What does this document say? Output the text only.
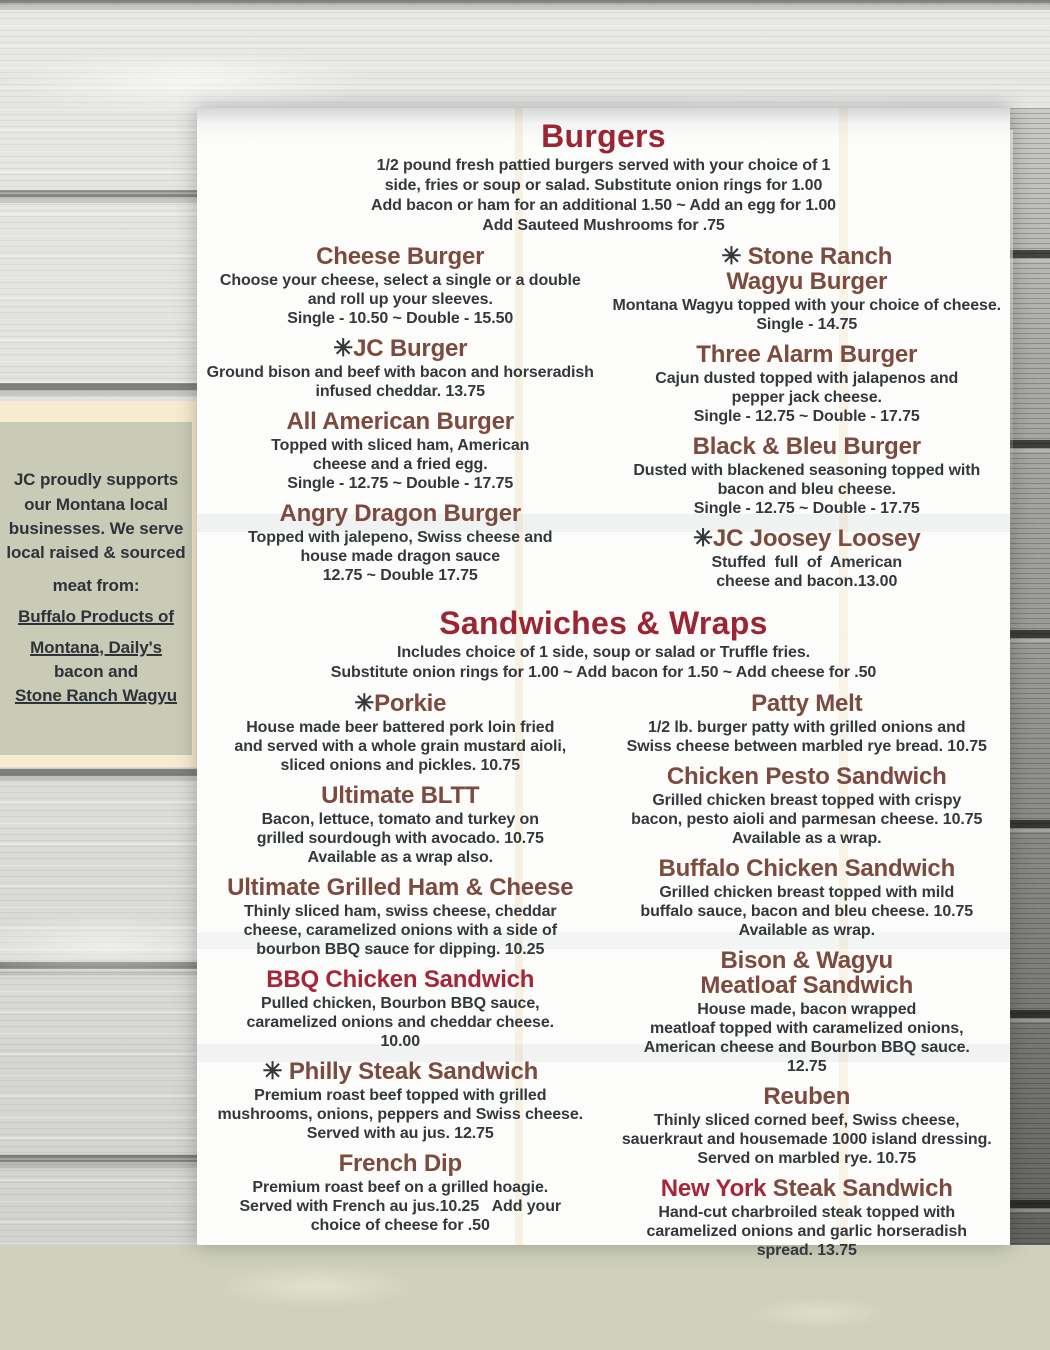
JC proudly supports
our Montana local
businesses. We serve
local raised & sourced
meat from:
Buffalo Products of
Montana, Daily's
bacon and
Stone Ranch Wagyu
Burgers
1/2 pound fresh pattied burgers served with your choice of 1
side, fries or soup or salad. Substitute onion rings for 1.00
Add bacon or ham for an additional 1.50 ~ Add an egg for 1.00
Add Sauteed Mushrooms for .75
Cheese Burger
Choose your cheese, select a single or a double
and roll up your sleeves.
Single - 10.50 ~ Double - 15.50
✳JC Burger
Ground bison and beef with bacon and horseradish
infused cheddar. 13.75
All American Burger
Topped with sliced ham, American
cheese and a fried egg.
Single - 12.75 ~ Double - 17.75
Angry Dragon Burger
Topped with jalepeno, Swiss cheese and
house made dragon sauce
12.75 ~ Double 17.75
✳ Stone Ranch
Wagyu Burger
Montana Wagyu topped with your choice of cheese.
Single - 14.75
Three Alarm Burger
Cajun dusted topped with jalapenos and
pepper jack cheese.
Single - 12.75 ~ Double - 17.75
Black & Bleu Burger
Dusted with blackened seasoning topped with
bacon and bleu cheese.
Single - 12.75 ~ Double - 17.75
✳JC Joosey Loosey
Stuffed  full  of  American
cheese and bacon.13.00
Sandwiches & Wraps
Includes choice of 1 side, soup or salad or Truffle fries.
Substitute onion rings for 1.00 ~ Add bacon for 1.50 ~ Add cheese for .50
✳Porkie
House made beer battered pork loin fried
and served with a whole grain mustard aioli,
sliced onions and pickles. 10.75
Ultimate BLTT
Bacon, lettuce, tomato and turkey on
grilled sourdough with avocado. 10.75
Available as a wrap also.
Ultimate Grilled Ham & Cheese
Thinly sliced ham, swiss cheese, cheddar
cheese, caramelized onions with a side of
bourbon BBQ sauce for dipping. 10.25
BBQ Chicken Sandwich
Pulled chicken, Bourbon BBQ sauce,
caramelized onions and cheddar cheese.
10.00
✳ Philly Steak Sandwich
Premium roast beef topped with grilled
mushrooms, onions, peppers and Swiss cheese.
Served with au jus. 12.75
French Dip
Premium roast beef on a grilled hoagie.
Served with French au jus.10.25   Add your
choice of cheese for .50
Patty Melt
1/2 lb. burger patty with grilled onions and
Swiss cheese between marbled rye bread. 10.75
Chicken Pesto Sandwich
Grilled chicken breast topped with crispy
bacon, pesto aioli and parmesan cheese. 10.75
Available as a wrap.
Buffalo Chicken Sandwich
Grilled chicken breast topped with mild
buffalo sauce, bacon and bleu cheese. 10.75
Available as wrap.
Bison & Wagyu
Meatloaf Sandwich
House made, bacon wrapped
meatloaf topped with caramelized onions,
American cheese and Bourbon BBQ sauce.
12.75
Reuben
Thinly sliced corned beef, Swiss cheese,
sauerkraut and housemade 1000 island dressing.
Served on marbled rye. 10.75
New York Steak Sandwich
Hand-cut charbroiled steak topped with
caramelized onions and garlic horseradish
spread. 13.75
